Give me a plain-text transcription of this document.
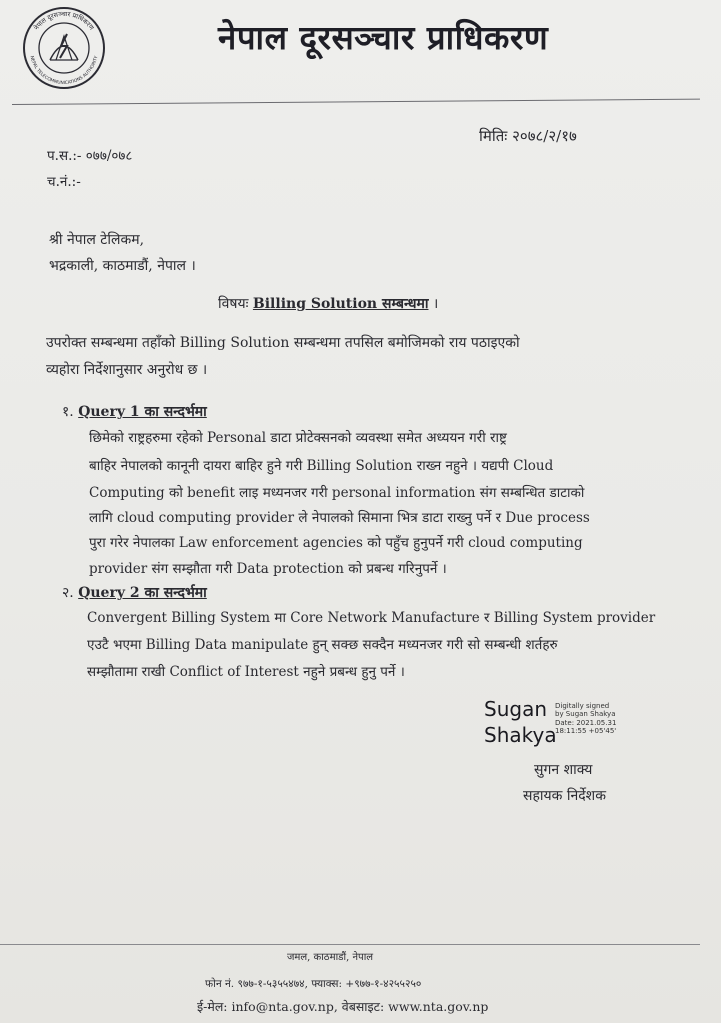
नेपाल दूरसञ्चार प्राधिकरण
NEPAL TELECOMMUNICATIONS AUTHORITY
नेपाल दूरसञ्चार प्राधिकरण
मितिः २०७८/२/१७
प.स.:- ०७७/०७८
च.नं.:-
श्री नेपाल टेलिकम,
भद्रकाली, काठमाडौं, नेपाल ।
विषयः Billing Solution सम्बन्धमा ।
उपरोक्त सम्बन्धमा तहाँको Billing Solution सम्बन्धमा तपसिल बमोजिमको राय पठाइएको
व्यहोरा निर्देशानुसार अनुरोध छ ।
१. Query 1 का सन्दर्भमा
छिमेको राष्ट्रहरुमा रहेको Personal डाटा प्रोटेक्सनको व्यवस्था समेत अध्ययन गरी राष्ट्र
बाहिर नेपालको कानूनी दायरा बाहिर हुने गरी Billing Solution राख्न नहुने । यद्यपी Cloud
Computing को benefit लाइ मध्यनजर गरी personal information संग सम्बन्धित डाटाको
लागि cloud computing provider ले नेपालको सिमाना भित्र डाटा राख्नु पर्ने र Due process
पुरा गरेर नेपालका Law enforcement agencies को पहुँच हुनुपर्ने गरी cloud computing
provider संग सम्झौता गरी Data protection को प्रबन्ध गरिनुपर्ने ।
२. Query 2 का सन्दर्भमा
Convergent Billing System मा Core Network Manufacture र Billing System provider
एउटै भएमा Billing Data manipulate हुन् सक्छ सक्दैन मध्यनजर गरी सो सम्बन्धी शर्तहरु
सम्झौतामा राखी Conflict of Interest नहुने प्रबन्ध हुनु पर्ने ।
Sugan
Shakya
Digitally signed
by Sugan Shakya
Date: 2021.05.31
18:11:55 +05'45'
सुगन शाक्य
सहायक निर्देशक
जमल, काठमाडौं, नेपाल
फोन नं. ९७७-१-५३५५४७४, फ्याक्स: +९७७-१-४२५५२५०
ई-मेल: info@nta.gov.np, वेबसाइट: www.nta.gov.np
